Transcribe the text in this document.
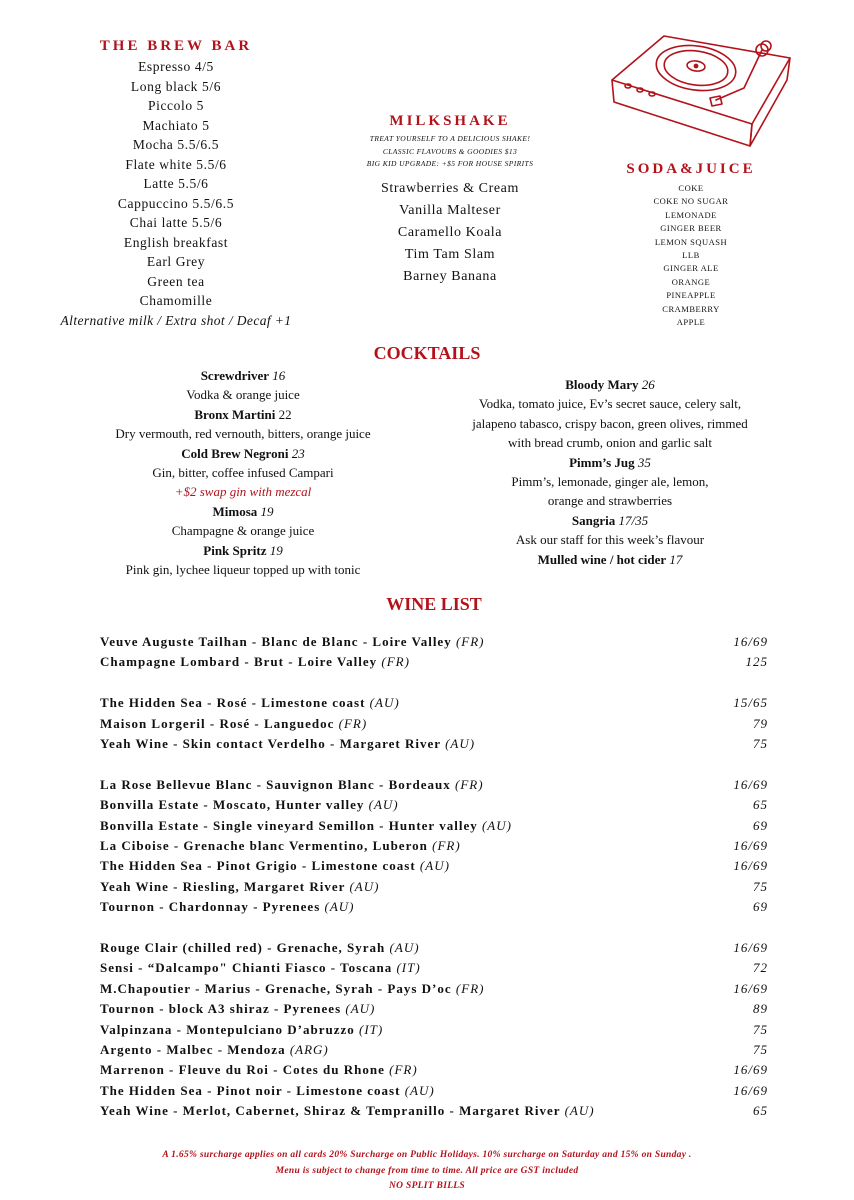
THE BREW BAR
Espresso 4/5
Long black 5/6
Piccolo 5
Machiato 5
Mocha 5.5/6.5
Flate white 5.5/6
Latte 5.5/6
Cappuccino 5.5/6.5
Chai latte 5.5/6
English breakfast
Earl Grey
Green tea
Chamomille
Alternative milk / Extra shot / Decaf +1
MILKSHAKE
TREAT YOURSELF TO A DELICIOUS SHAKE!
CLASSIC FLAVOURS & GOODIES $13
BIG KID UPGRADE: +$5 FOR HOUSE SPIRITS
Strawberries & Cream
Vanilla Malteser
Caramello Koala
Tim Tam Slam
Barney Banana
SODA&JUICE
COKE
COKE NO SUGAR
LEMONADE
GINGER BEER
LEMON SQUASH
LLB
GINGER ALE
ORANGE
PINEAPPLE
CRAMBERRY
APPLE
COCKTAILS
Screwdriver 16
Vodka & orange juice
Bronx Martini 22
Dry vermouth, red vernouth, bitters, orange juice
Cold Brew Negroni 23
Gin, bitter, coffee infused Campari
+$2 swap gin with mezcal
Mimosa 19
Champagne & orange juice
Pink Spritz 19
Pink gin, lychee liqueur topped up with tonic
Bloody Mary 26
Vodka, tomato juice, Ev’s secret sauce, celery salt,
jalapeno tabasco, crispy bacon, green olives, rimmed
with bread crumb, onion and garlic salt
Pimm’s Jug 35
Pimm’s, lemonade, ginger ale, lemon,
orange and strawberries
Sangria 17/35
Ask our staff for this week’s flavour
Mulled wine / hot cider 17
WINE LIST
Veuve Auguste Tailhan - Blanc de Blanc - Loire Valley (FR)	16/69
Champagne Lombard - Brut - Loire Valley (FR)	125
The Hidden Sea - Rosé - Limestone coast (AU)	15/65
Maison Lorgeril - Rosé - Languedoc (FR)	79
Yeah Wine - Skin contact Verdelho - Margaret River (AU)	75
La Rose Bellevue Blanc - Sauvignon Blanc - Bordeaux (FR)	16/69
Bonvilla Estate - Moscato, Hunter valley (AU)	65
Bonvilla Estate - Single vineyard Semillon - Hunter valley (AU)	69
La Ciboise - Grenache blanc Vermentino, Luberon (FR)	16/69
The Hidden Sea - Pinot Grigio - Limestone coast (AU)	16/69
Yeah Wine - Riesling, Margaret River (AU)	75
Tournon - Chardonnay - Pyrenees (AU)	69
Rouge Clair (chilled red) - Grenache, Syrah (AU)	16/69
Sensi - “Dalcampo" Chianti Fiasco - Toscana (IT)	72
M.Chapoutier - Marius - Grenache, Syrah - Pays D’oc (FR)	16/69
Tournon - block A3 shiraz - Pyrenees (AU)	89
Valpinzana - Montepulciano D’abruzzo (IT)	75
Argento - Malbec - Mendoza (ARG)	75
Marrenon - Fleuve du Roi - Cotes du Rhone (FR)	16/69
The Hidden Sea - Pinot noir - Limestone coast (AU)	16/69
Yeah Wine - Merlot, Cabernet, Shiraz & Tempranillo - Margaret River (AU)	65
A 1.65% surcharge applies on all cards 20% Surcharge on Public Holidays. 10% surcharge on Saturday and 15% on Sunday .
Menu is subject to change from time to time. All price are GST included
NO SPLIT BILLS
